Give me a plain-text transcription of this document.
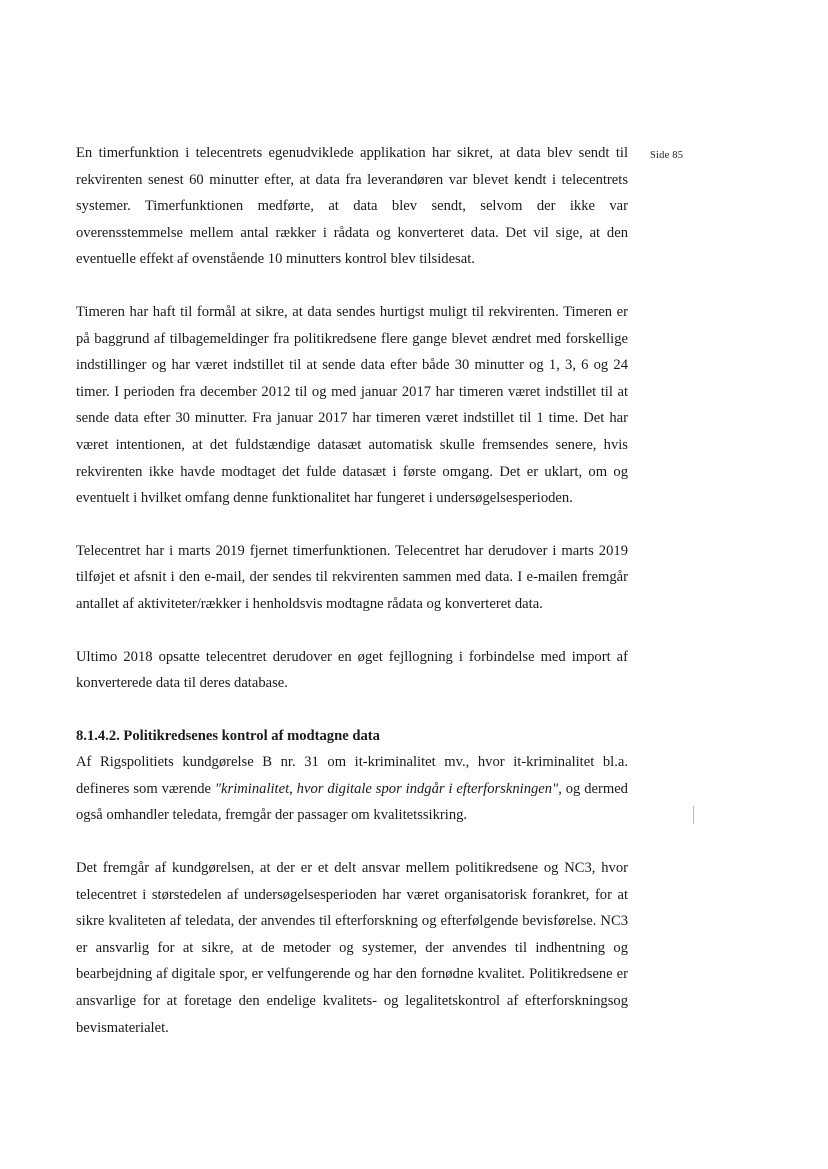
Side 85

En timerfunktion i telecentrets egenudviklede applikation har sikret, at data blev sendt til rekvirenten senest 60 minutter efter, at data fra leverandøren var blevet kendt i telecentrets systemer. Timerfunktionen medførte, at data blev sendt, selvom der ikke var overensstemmelse mellem antal rækker i rådata og konverteret data. Det vil sige, at den eventuelle effekt af ovenstående 10 minutters kontrol blev tilsidesat.

Timeren har haft til formål at sikre, at data sendes hurtigst muligt til rekvirenten. Timeren er på baggrund af tilbagemeldinger fra politikredsene flere gange blevet ændret med forskellige indstillinger og har været indstillet til at sende data efter både 30 minutter og 1, 3, 6 og 24 timer. I perioden fra december 2012 til og med januar 2017 har timeren været indstillet til at sende data efter 30 minutter. Fra januar 2017 har timeren været indstillet til 1 time. Det har været intentionen, at det fuldstændige datasæt automatisk skulle fremsendes senere, hvis rekvirenten ikke havde modtaget det fulde datasæt i første omgang. Det er uklart, om og eventuelt i hvilket omfang denne funktionalitet har fungeret i undersøgelsesperioden.

Telecentret har i marts 2019 fjernet timerfunktionen. Telecentret har derudover i marts 2019 tilføjet et afsnit i den e-mail, der sendes til rekvirenten sammen med data. I e-mailen fremgår antallet af aktiviteter/rækker i henholdsvis modtagne rådata og konverteret data.

Ultimo 2018 opsatte telecentret derudover en øget fejllogning i forbindelse med import af konverterede data til deres database.

8.1.4.2. Politikredsenes kontrol af modtagne data

Af Rigspolitiets kundgørelse B nr. 31 om it-kriminalitet mv., hvor it-kriminalitet bl.a. defineres som værende "kriminalitet, hvor digitale spor indgår i efterforskningen", og dermed også omhandler teledata, fremgår der passager om kvalitetssikring.

Det fremgår af kundgørelsen, at der er et delt ansvar mellem politikredsene og NC3, hvor telecentret i størstedelen af undersøgelsesperioden har været organisatorisk forankret, for at sikre kvaliteten af teledata, der anvendes til efterforskning og efterfølgende bevisførelse. NC3 er ansvarlig for at sikre, at de metoder og systemer, der anvendes til indhentning og bearbejdning af digitale spor, er velfungerende og har den fornødne kvalitet. Politikredsene er ansvarlige for at foretage den endelige kvalitets- og legalitetskontrol af efterforskningsog bevismaterialet.
